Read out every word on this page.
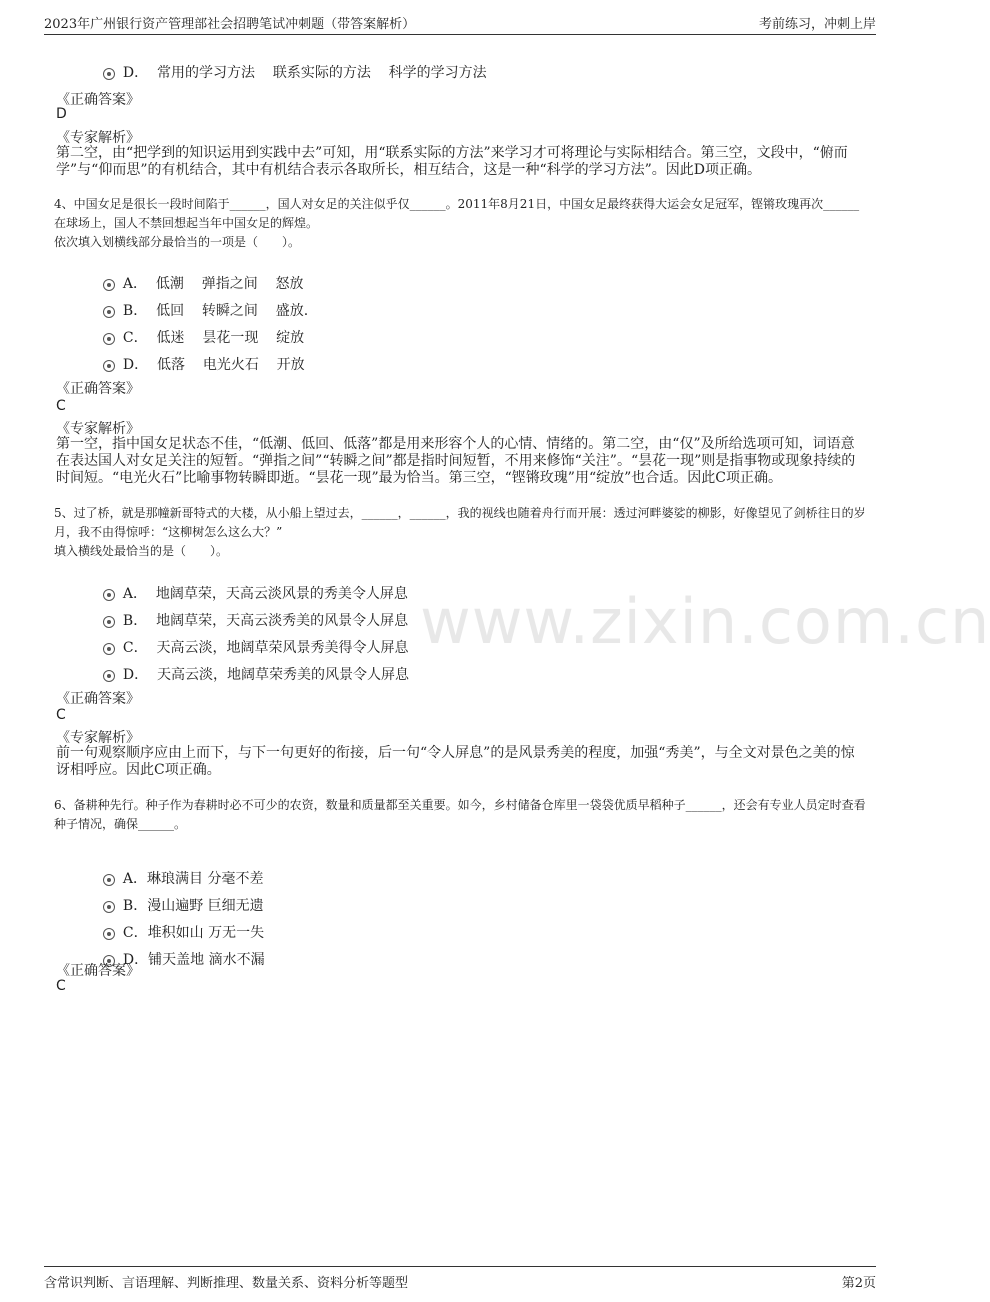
2023年广州银行资产管理部社会招聘笔试冲刺题（带答案解析）	考前练习，冲刺上岸
www.zixin.com.cn

D．  常用的学习方法    联系实际的方法    科学的学习方法

《正确答案》
D
《专家解析》
第二空，由“把学到的知识运用到实践中去”可知，用“联系实际的方法”来学习才可将理论与实际相结合。第三空，文段中，“俯而学”与“仰而思”的有机结合，其中有机结合表示各取所长，相互结合，这是一种“科学的学习方法”。因此D项正确。
4、中国女足是很长一段时间陷于______，国人对女足的关注似乎仅______。2011年8月21日，中国女足最终获得大运会女足冠军，铿锵玫瑰再次______在球场上，国人不禁回想起当年中国女足的辉煌。
依次填入划横线部分最恰当的一项是（　　）。

A．  低潮    弹指之间    怒放

B．  低回    转瞬之间    盛放.

C．  低迷    昙花一现    绽放

D．  低落    电光火石    开放

《正确答案》
C
《专家解析》
第一空，指中国女足状态不佳，“低潮、低回、低落”都是用来形容个人的心情、情绪的。第二空，由“仅”及所给选项可知，词语意在表达国人对女足关注的短暂。“弹指之间”“转瞬之间”都是指时间短暂，不用来修饰“关注”。“昙花一现”则是指事物或现象持续的时间短。“电光火石”比喻事物转瞬即逝。“昙花一现”最为恰当。第三空，“铿锵玫瑰”用“绽放”也合适。因此C项正确。
5、过了桥，就是那幢新哥特式的大楼，从小船上望过去，______，______，我的视线也随着舟行而开展：透过河畔婆娑的柳影，好像望见了剑桥往日的岁月，我不由得惊呼：“这柳树怎么这么大？”
填入横线处最恰当的是（　　）。

A．  地阔草荣，天高云淡风景的秀美令人屏息

B．  地阔草荣，天高云淡秀美的风景令人屏息

C．  天高云淡，地阔草荣风景秀美得令人屏息

D．  天高云淡，地阔草荣秀美的风景令人屏息

《正确答案》
C
《专家解析》
前一句观察顺序应由上而下，与下一句更好的衔接，后一句“令人屏息”的是风景秀美的程度，加强“秀美”，与全文对景色之美的惊讶相呼应。因此C项正确。
6、备耕种先行。种子作为春耕时必不可少的农资，数量和质量都至关重要。如今，乡村储备仓库里一袋袋优质早稻种子______，还会有专业人员定时查看种子情况，确保______。

A．琳琅满目 分毫不差

B．漫山遍野 巨细无遗

C．堆积如山 万无一失

D．铺天盖地 滴水不漏

《正确答案》
C
含常识判断、言语理解、判断推理、数量关系、资料分析等题型	第2页
